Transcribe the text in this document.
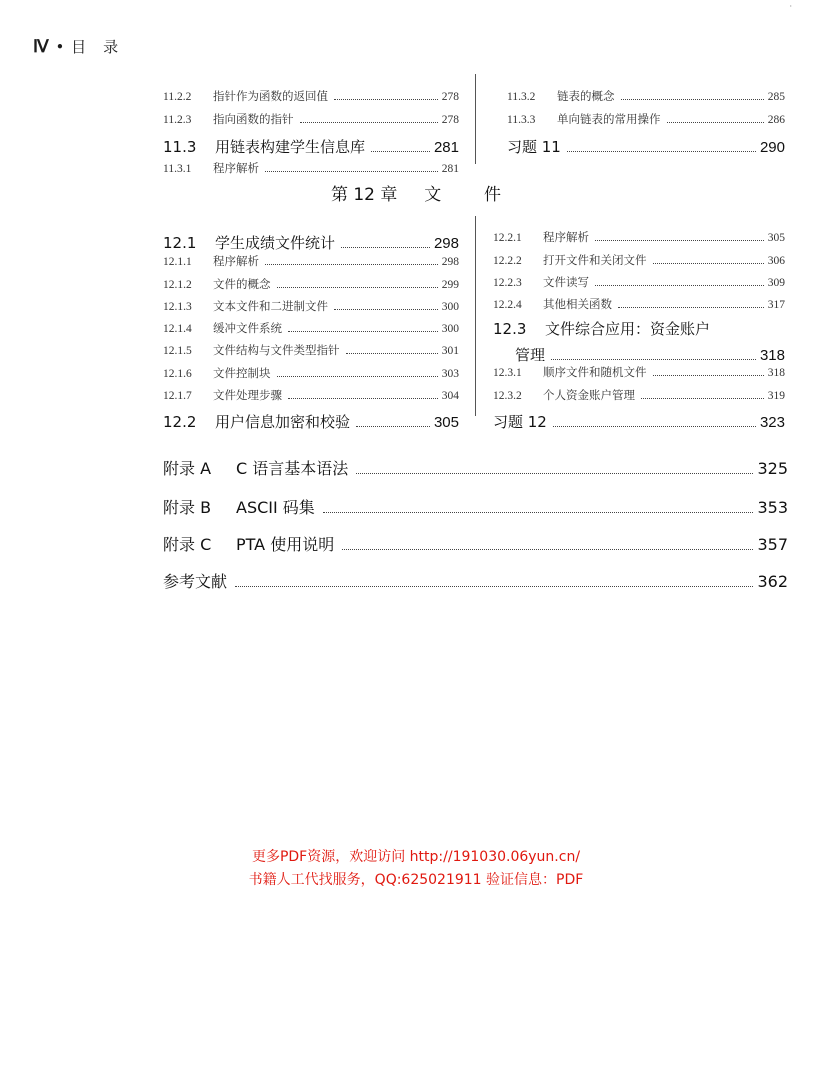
Ⅳ • 目　录
·
11.2.2	指针作为函数的返回值	278
11.2.3	指向函数的指针	278
11.3	用链表构建学生信息库	281
11.3.1	程序解析	281
11.3.2	链表的概念	285
11.3.3	单向链表的常用操作	286
习题 11	290
第 12 章 文	件
12.1	学生成绩文件统计	298
12.1.1	程序解析	298
12.1.2	文件的概念	299
12.1.3	文本文件和二进制文件	300
12.1.4	缓冲文件系统	300
12.1.5	文件结构与文件类型指针	301
12.1.6	文件控制块	303
12.1.7	文件处理步骤	304
12.2	用户信息加密和校验	305
12.2.1	程序解析	305
12.2.2	打开文件和关闭文件	306
12.2.3	文件读写	309
12.2.4	其他相关函数	317
12.3	文件综合应用：资金账户
管理	318
12.3.1	顺序文件和随机文件	318
12.3.2	个人资金账户管理	319
习题 12	323
附录 A	C 语言基本语法	325
附录 B	ASCII 码集	353
附录 C	PTA 使用说明	357
参考文献	362
更多PDF资源，欢迎访问 http://191030.06yun.cn/
书籍人工代找服务，QQ:625021911 验证信息：PDF
